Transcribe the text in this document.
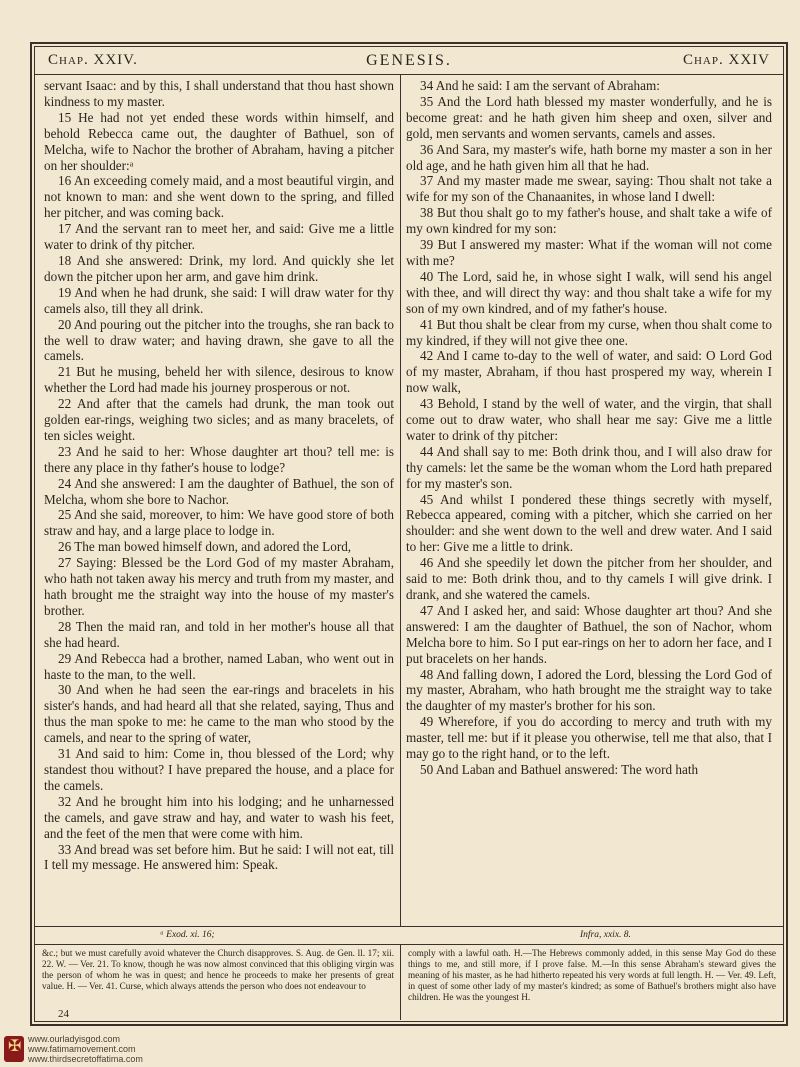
Chap. XXIV.	GENESIS.	Chap. XXIV

servant Isaac: and by this, I shall understand that thou hast shown kindness to my master.

15 He had not yet ended these words within himself, and behold Rebecca came out, the daughter of Bathuel, son of Melcha, wife to Nachor the brother of Abraham, having a pitcher on her shoulder:ᵃ

16 An exceeding comely maid, and a most beautiful virgin, and not known to man: and she went down to the spring, and filled her pitcher, and was coming back.

17 And the servant ran to meet her, and said: Give me a little water to drink of thy pitcher.

18 And she answered: Drink, my lord. And quickly she let down the pitcher upon her arm, and gave him drink.

19 And when he had drunk, she said: I will draw water for thy camels also, till they all drink.

20 And pouring out the pitcher into the troughs, she ran back to the well to draw water; and having drawn, she gave to all the camels.

21 But he musing, beheld her with silence, desirous to know whether the Lord had made his journey prosperous or not.

22 And after that the camels had drunk, the man took out golden ear-rings, weighing two sicles; and as many bracelets, of ten sicles weight.

23 And he said to her: Whose daughter art thou? tell me: is there any place in thy father's house to lodge?

24 And she answered: I am the daughter of Bathuel, the son of Melcha, whom she bore to Nachor.

25 And she said, moreover, to him: We have good store of both straw and hay, and a large place to lodge in.

26 The man bowed himself down, and adored the Lord,

27 Saying: Blessed be the Lord God of my master Abraham, who hath not taken away his mercy and truth from my master, and hath brought me the straight way into the house of my master's brother.

28 Then the maid ran, and told in her mother's house all that she had heard.

29 And Rebecca had a brother, named Laban, who went out in haste to the man, to the well.

30 And when he had seen the ear-rings and bracelets in his sister's hands, and had heard all that she related, saying, Thus and thus the man spoke to me: he came to the man who stood by the camels, and near to the spring of water,

31 And said to him: Come in, thou blessed of the Lord; why standest thou without? I have prepared the house, and a place for the camels.

32 And he brought him into his lodging; and he unharnessed the camels, and gave straw and hay, and water to wash his feet, and the feet of the men that were come with him.

33 And bread was set before him. But he said: I will not eat, till I tell my message. He answered him: Speak.

34 And he said: I am the servant of Abraham:

35 And the Lord hath blessed my master wonderfully, and he is become great: and he hath given him sheep and oxen, silver and gold, men servants and women servants, camels and asses.

36 And Sara, my master's wife, hath borne my master a son in her old age, and he hath given him all that he had.

37 And my master made me swear, saying: Thou shalt not take a wife for my son of the Chanaanites, in whose land I dwell:

38 But thou shalt go to my father's house, and shalt take a wife of my own kindred for my son:

39 But I answered my master: What if the woman will not come with me?

40 The Lord, said he, in whose sight I walk, will send his angel with thee, and will direct thy way: and thou shalt take a wife for my son of my own kindred, and of my father's house.

41 But thou shalt be clear from my curse, when thou shalt come to my kindred, if they will not give thee one.

42 And I came to-day to the well of water, and said: O Lord God of my master, Abraham, if thou hast prospered my way, wherein I now walk,

43 Behold, I stand by the well of water, and the virgin, that shall come out to draw water, who shall hear me say: Give me a little water to drink of thy pitcher:

44 And shall say to me: Both drink thou, and I will also draw for thy camels: let the same be the woman whom the Lord hath prepared for my master's son.

45 And whilst I pondered these things secretly with myself, Rebecca appeared, coming with a pitcher, which she carried on her shoulder: and she went down to the well and drew water. And I said to her: Give me a little to drink.

46 And she speedily let down the pitcher from her shoulder, and said to me: Both drink thou, and to thy camels I will give drink. I drank, and she watered the camels.

47 And I asked her, and said: Whose daughter art thou? And she answered: I am the daughter of Bathuel, the son of Nachor, whom Melcha bore to him. So I put ear-rings on her to adorn her face, and I put bracelets on her hands.

48 And falling down, I adored the Lord, blessing the Lord God of my master, Abraham, who hath brought me the straight way to take the daughter of my master's brother for his son.

49 Wherefore, if you do according to mercy and truth with my master, tell me: but if it please you otherwise, tell me that also, that I may go to the right hand, or to the left.

50 And Laban and Bathuel answered: The word hath

ᵃ Exod. xi. 16;	Infra, xxix. 8.
&c.; but we must carefully avoid whatever the Church disapproves. S. Aug. de Gen. ll. 17; xii. 22. W. — Ver. 21. To know, though he was now almost convinced that this obliging virgin was the person of whom he was in quest; and hence he proceeds to make her presents of great value. H. — Ver. 41. Curse, which always attends the person who does not endeavour to
comply with a lawful oath. H.—The Hebrews commonly added, in this sense May God do these things to me, and still more, if I prove false. M.—In this sense Abraham's steward gives the meaning of his master, as he had hitherto repeated his very words at full length. H. — Ver. 49. Left, in quest of some other lady of my master's kindred; as some of Bathuel's brothers might also have children. He was the youngest H.
24
✠ www.ourladyisgod.com
www.fatimamovement.com
www.thirdsecretoffatima.com
